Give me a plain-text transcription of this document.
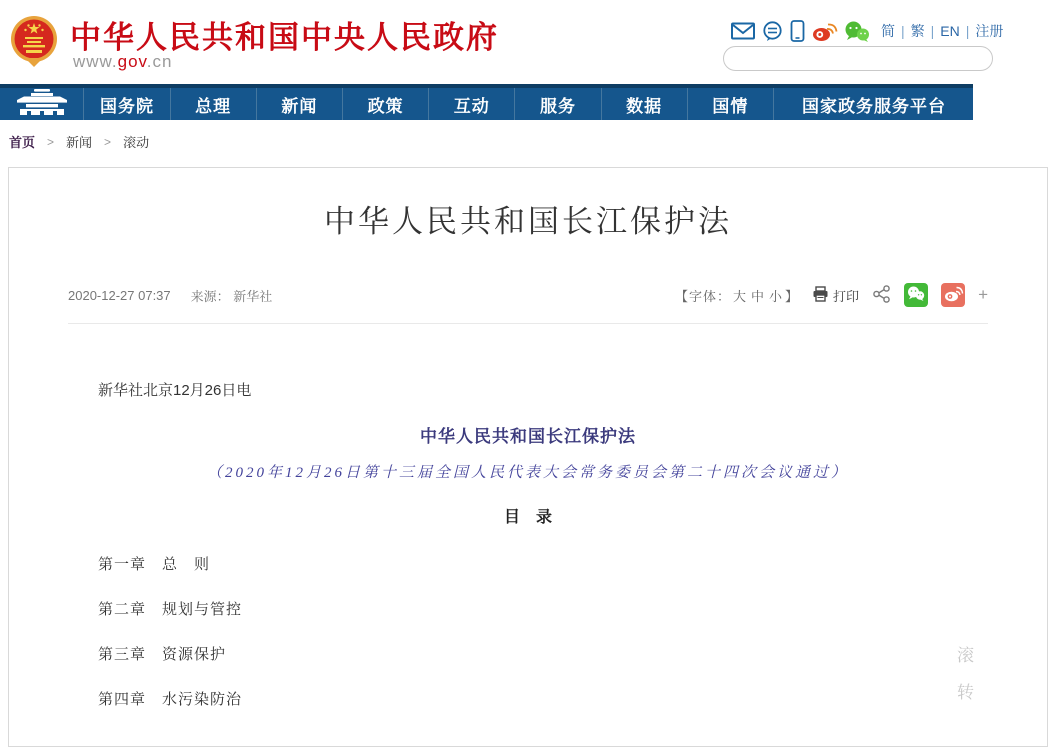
中华人民共和国中央人民政府
www.gov.cn
简 | 繁 | EN | 注册
国务院	总理	新闻	政策	互动	服务	数据	国情	国家政务服务平台
首页 > 新闻 > 滚动
中华人民共和国长江保护法
2020-12-27 07:37 来源： 新华社	【字体： 大 中 小 】	打印	+

新华社北京12月26日电

中华人民共和国长江保护法

（2020年12月26日第十三届全国人民代表大会常务委员会第二十四次会议通过）

目　录

第一章　总　则

第二章　规划与管控

第三章　资源保护

第四章　水污染防治

滚
转
